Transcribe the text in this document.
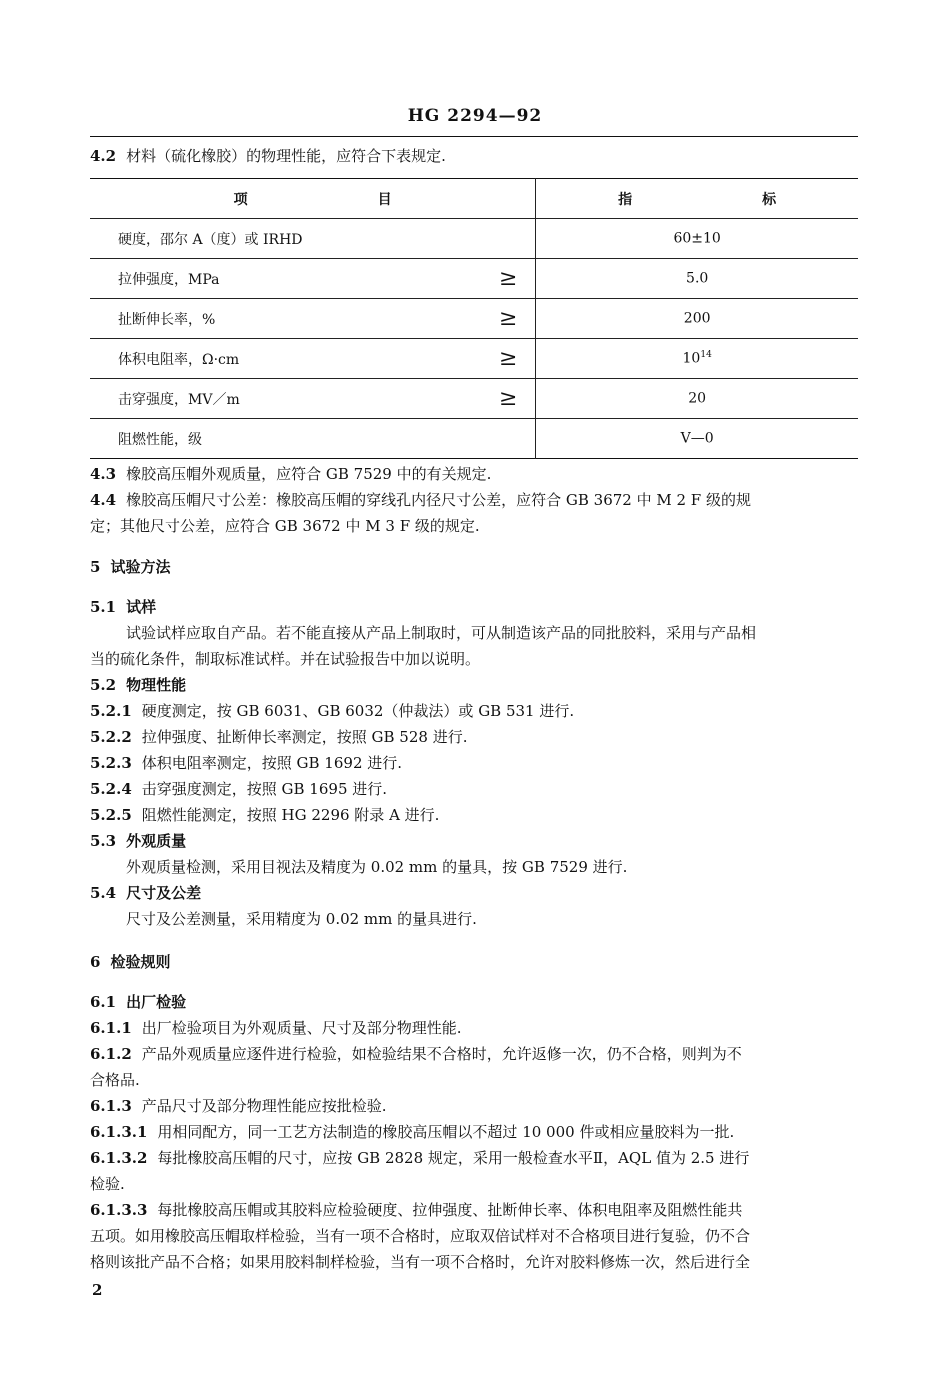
HG 2294—92
4.2 材料（硫化橡胶）的物理性能，应符合下表规定.
项 目		指 标
硬度，邵尔 A（度）或 IRHD		60±10
拉伸强度，MPa	≥	5.0
扯断伸长率，%	≥	200
体积电阻率，Ω·cm	≥	$10^{14}$
击穿强度，MV／m	≥	20
阻燃性能，级		V—0
4.3 橡胶高压帽外观质量，应符合 GB 7529 中的有关规定.
4.4 橡胶高压帽尺寸公差：橡胶高压帽的穿线孔内径尺寸公差，应符合 GB 3672 中 M 2 F 级的规
定；其他尺寸公差，应符合 GB 3672 中 M 3 F 级的规定.
5 试验方法
5.1 试样
试验试样应取自产品。若不能直接从产品上制取时，可从制造该产品的同批胶料，采用与产品相
当的硫化条件，制取标准试样。并在试验报告中加以说明。
5.2 物理性能
5.2.1 硬度测定，按 GB 6031、GB 6032（仲裁法）或 GB 531 进行.
5.2.2 拉伸强度、扯断伸长率测定，按照 GB 528 进行.
5.2.3 体积电阻率测定，按照 GB 1692 进行.
5.2.4 击穿强度测定，按照 GB 1695 进行.
5.2.5 阻燃性能测定，按照 HG 2296 附录 A 进行.
5.3 外观质量
外观质量检测，采用目视法及精度为 0.02 mm 的量具，按 GB 7529 进行.
5.4 尺寸及公差
尺寸及公差测量，采用精度为 0.02 mm 的量具进行.
6 检验规则
6.1 出厂检验
6.1.1 出厂检验项目为外观质量、尺寸及部分物理性能.
6.1.2 产品外观质量应逐件进行检验，如检验结果不合格时，允许返修一次，仍不合格，则判为不
合格品.
6.1.3 产品尺寸及部分物理性能应按批检验.
6.1.3.1 用相同配方，同一工艺方法制造的橡胶高压帽以不超过 10 000 件或相应量胶料为一批.
6.1.3.2 每批橡胶高压帽的尺寸，应按 GB 2828 规定，采用一般检查水平Ⅱ，AQL 值为 2.5 进行
检验.
6.1.3.3 每批橡胶高压帽或其胶料应检验硬度、拉伸强度、扯断伸长率、体积电阻率及阻燃性能共
五项。如用橡胶高压帽取样检验，当有一项不合格时，应取双倍试样对不合格项目进行复验，仍不合
格则该批产品不合格；如果用胶料制样检验，当有一项不合格时，允许对胶料修炼一次，然后进行全
2
